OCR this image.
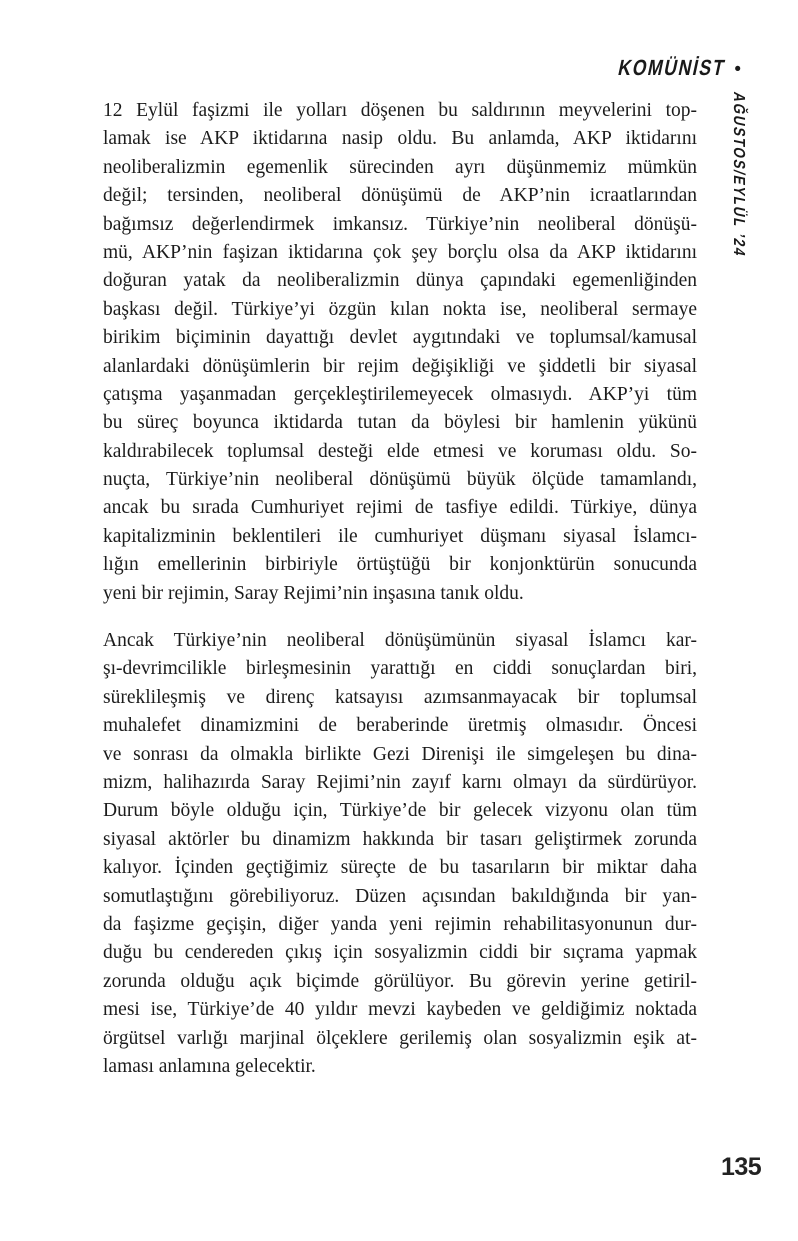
KOMÜNİST •
AĞUSTOS/EYLÜL ’24
12 Eylül faşizmi ile yolları döşenen bu saldırının meyvelerini top-
lamak ise AKP iktidarına nasip oldu. Bu anlamda, AKP iktidarını
neoliberalizmin egemenlik sürecinden ayrı düşünmemiz mümkün
değil; tersinden, neoliberal dönüşümü de AKP’nin icraatlarından
bağımsız değerlendirmek imkansız. Türkiye’nin neoliberal dönüşü-
mü, AKP’nin faşizan iktidarına çok şey borçlu olsa da AKP iktidarını
doğuran yatak da neoliberalizmin dünya çapındaki egemenliğinden
başkası değil. Türkiye’yi özgün kılan nokta ise, neoliberal sermaye
birikim biçiminin dayattığı devlet aygıtındaki ve toplumsal/kamusal
alanlardaki dönüşümlerin bir rejim değişikliği ve şiddetli bir siyasal
çatışma yaşanmadan gerçekleştirilemeyecek olmasıydı. AKP’yi tüm
bu süreç boyunca iktidarda tutan da böylesi bir hamlenin yükünü
kaldırabilecek toplumsal desteği elde etmesi ve koruması oldu. So-
nuçta, Türkiye’nin neoliberal dönüşümü büyük ölçüde tamamlandı,
ancak bu sırada Cumhuriyet rejimi de tasfiye edildi. Türkiye, dünya
kapitalizminin beklentileri ile cumhuriyet düşmanı siyasal İslamcı-
lığın emellerinin birbiriyle örtüştüğü bir konjonktürün sonucunda
yeni bir rejimin, Saray Rejimi’nin inşasına tanık oldu.
Ancak Türkiye’nin neoliberal dönüşümünün siyasal İslamcı kar-
şı-devrimcilikle birleşmesinin yarattığı en ciddi sonuçlardan biri,
süreklileşmiş ve direnç katsayısı azımsanmayacak bir toplumsal
muhalefet dinamizmini de beraberinde üretmiş olmasıdır. Öncesi
ve sonrası da olmakla birlikte Gezi Direnişi ile simgeleşen bu dina-
mizm, halihazırda Saray Rejimi’nin zayıf karnı olmayı da sürdürüyor.
Durum böyle olduğu için, Türkiye’de bir gelecek vizyonu olan tüm
siyasal aktörler bu dinamizm hakkında bir tasarı geliştirmek zorunda
kalıyor. İçinden geçtiğimiz süreçte de bu tasarıların bir miktar daha
somutlaştığını görebiliyoruz. Düzen açısından bakıldığında bir yan-
da faşizme geçişin, diğer yanda yeni rejimin rehabilitasyonunun dur-
duğu bu cendereden çıkış için sosyalizmin ciddi bir sıçrama yapmak
zorunda olduğu açık biçimde görülüyor. Bu görevin yerine getiril-
mesi ise, Türkiye’de 40 yıldır mevzi kaybeden ve geldiğimiz noktada
örgütsel varlığı marjinal ölçeklere gerilemiş olan sosyalizmin eşik at-
laması anlamına gelecektir.
135
